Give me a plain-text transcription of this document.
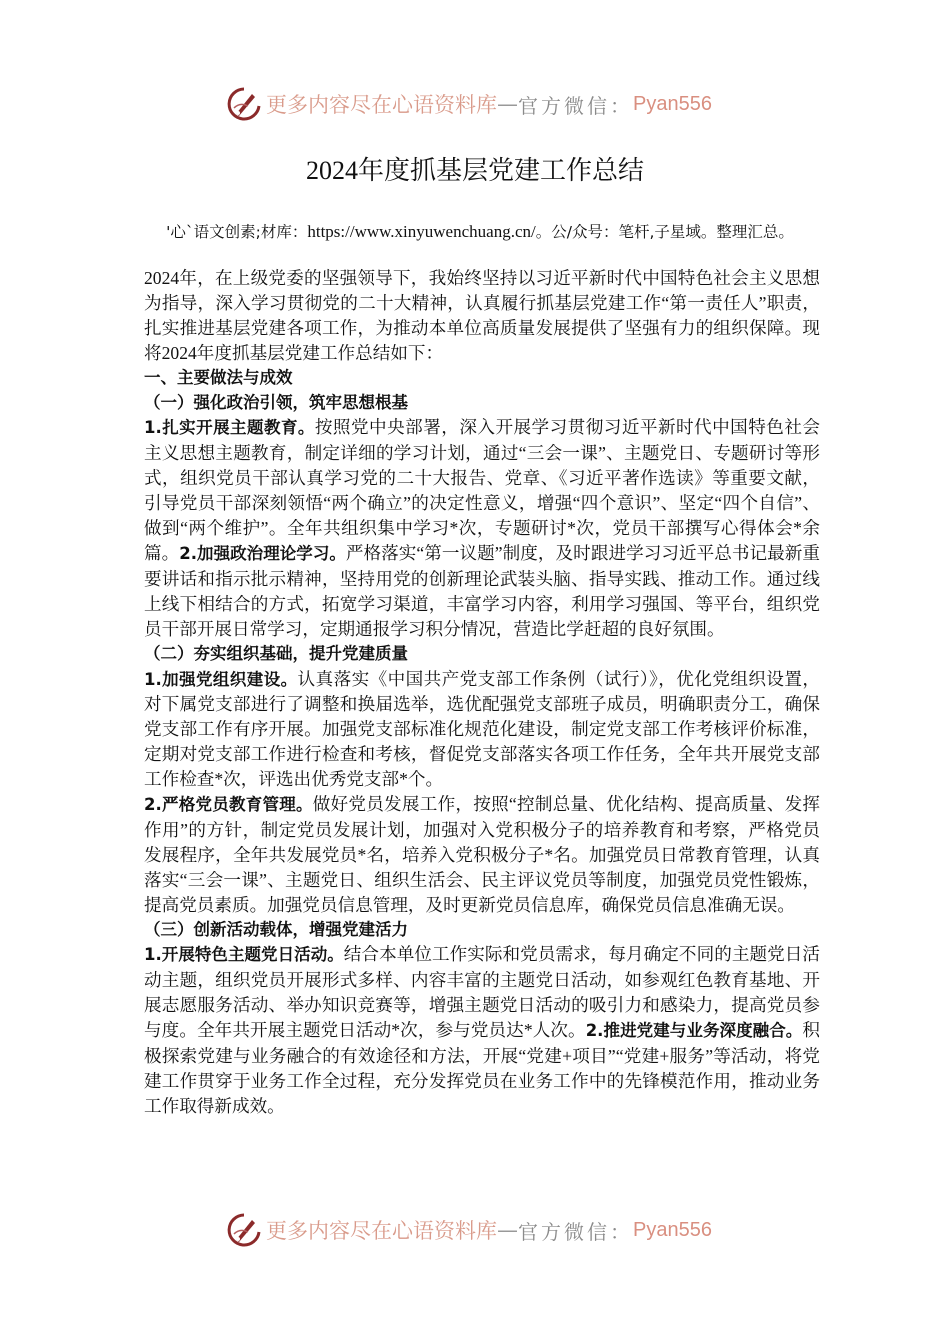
更多内容尽在心语资料库 — 官方微信： Pyan556
2024年度抓基层党建工作总结
'心`语文创素;材库：https://www.xinyuwenchuang.cn/。公/众号：笔杆,子星域。整理汇总。

2024年，在上级党委的坚强领导下，我始终坚持以习近平新时代中国特色社会主义思想为指导，深入学习贯彻党的二十大精神，认真履行抓基层党建工作“第一责任人”职责，扎实推进基层党建各项工作，为推动本单位高质量发展提供了坚强有力的组织保障。现将2024年度抓基层党建工作总结如下：

一、主要做法与成效

（一）强化政治引领，筑牢思想根基

1.扎实开展主题教育。按照党中央部署，深入开展学习贯彻习近平新时代中国特色社会主义思想主题教育，制定详细的学习计划，通过“三会一课”、主题党日、专题研讨等形式，组织党员干部认真学习党的二十大报告、党章、《习近平著作选读》等重要文献，引导党员干部深刻领悟“两个确立”的决定性意义，增强“四个意识”、坚定“四个自信”、做到“两个维护”。全年共组织集中学习*次，专题研讨*次，党员干部撰写心得体会*余篇。2.加强政治理论学习。严格落实“第一议题”制度，及时跟进学习习近平总书记最新重要讲话和指示批示精神，坚持用党的创新理论武装头脑、指导实践、推动工作。通过线上线下相结合的方式，拓宽学习渠道，丰富学习内容，利用学习强国、等平台，组织党员干部开展日常学习，定期通报学习积分情况，营造比学赶超的良好氛围。

（二）夯实组织基础，提升党建质量

1.加强党组织建设。认真落实《中国共产党支部工作条例（试行）》，优化党组织设置，对下属党支部进行了调整和换届选举，选优配强党支部班子成员，明确职责分工，确保党支部工作有序开展。加强党支部标准化规范化建设，制定党支部工作考核评价标准，定期对党支部工作进行检查和考核，督促党支部落实各项工作任务，全年共开展党支部工作检查*次，评选出优秀党支部*个。

2.严格党员教育管理。做好党员发展工作，按照“控制总量、优化结构、提高质量、发挥作用”的方针，制定党员发展计划，加强对入党积极分子的培养教育和考察，严格党员发展程序，全年共发展党员*名，培养入党积极分子*名。加强党员日常教育管理，认真落实“三会一课”、主题党日、组织生活会、民主评议党员等制度，加强党员党性锻炼，提高党员素质。加强党员信息管理，及时更新党员信息库，确保党员信息准确无误。

（三）创新活动载体，增强党建活力

1.开展特色主题党日活动。结合本单位工作实际和党员需求，每月确定不同的主题党日活动主题，组织党员开展形式多样、内容丰富的主题党日活动，如参观红色教育基地、开展志愿服务活动、举办知识竞赛等，增强主题党日活动的吸引力和感染力，提高党员参与度。全年共开展主题党日活动*次，参与党员达*人次。2.推进党建与业务深度融合。积极探索党建与业务融合的有效途径和方法，开展“党建+项目”“党建+服务”等活动，将党建工作贯穿于业务工作全过程，充分发挥党员在业务工作中的先锋模范作用，推动业务工作取得新成效。

更多内容尽在心语资料库 — 官方微信： Pyan556
